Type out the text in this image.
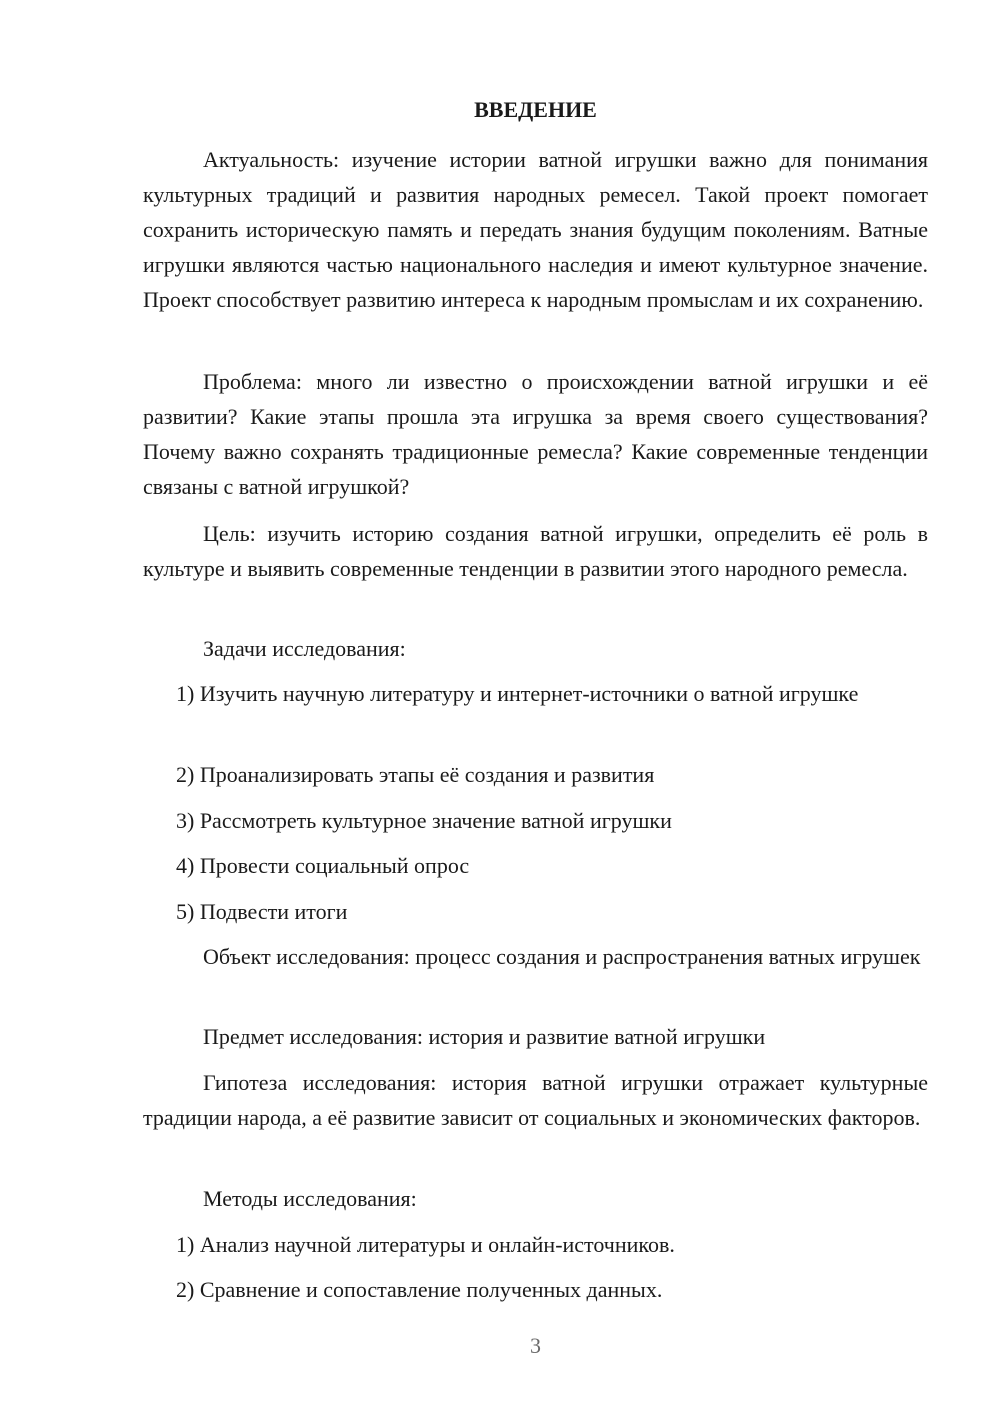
ВВЕДЕНИЕ

Актуальность: изучение истории ватной игрушки важно для понимания культурных традиций и развития народных ремесел. Такой проект помогает сохранить историческую память и передать знания будущим поколениям. Ватные игрушки являются частью национального наследия и имеют культурное значение. Проект способствует развитию интереса к народным промыслам и их сохранению.

Проблема: много ли известно о происхождении ватной игрушки и её развитии? Какие этапы прошла эта игрушка за время своего существования? Почему важно сохранять традиционные ремесла? Какие современные тенденции связаны с ватной игрушкой?

Цель: изучить историю создания ватной игрушки, определить её роль в культуре и выявить современные тенденции в развитии этого народного ремесла.

Задачи исследования:

1) Изучить научную литературу и интернет-источники о ватной игрушке

2) Проанализировать этапы её создания и развития

3) Рассмотреть культурное значение ватной игрушки

4) Провести социальный опрос

5) Подвести итоги

Объект исследования: процесс создания и распространения ватных игрушек

Предмет исследования: история и развитие ватной игрушки

Гипотеза исследования: история ватной игрушки отражает культурные традиции народа, а её развитие зависит от социальных и экономических факторов.

Методы исследования:

1) Анализ научной литературы и онлайн-источников.

2) Сравнение и сопоставление полученных данных.

3
